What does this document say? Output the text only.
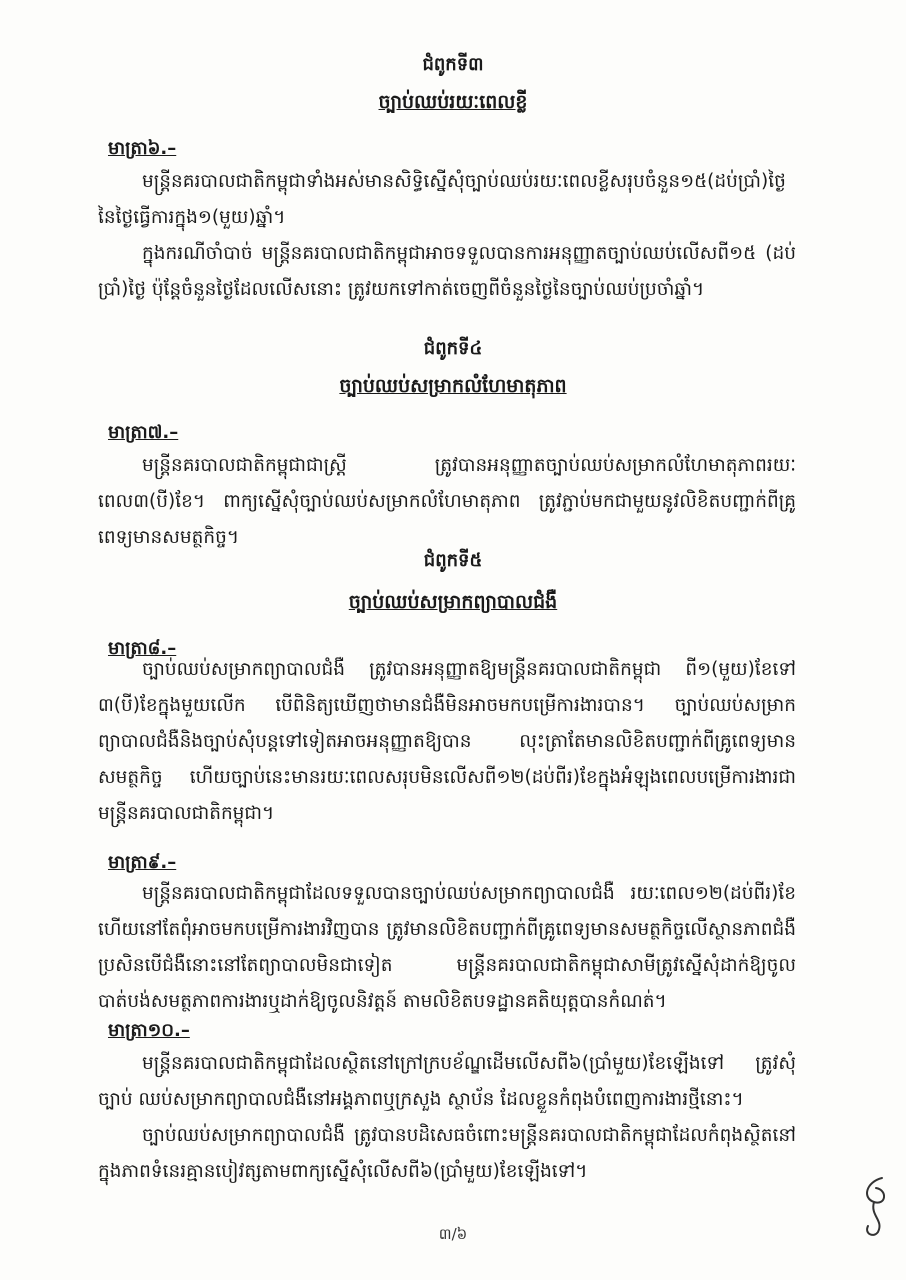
ជំពូកទី៣
ច្បាប់ឈប់រយៈពេលខ្លី
មាត្រា៦.–

មន្ត្រីនគរបាលជាតិកម្ពុជាទាំងអស់មានសិទ្ធិស្នើសុំច្បាប់ឈប់រយៈពេលខ្លីសរុបចំនួន១៥(ដប់ប្រាំ)ថ្ងៃ នៃថ្ងៃធ្វើការក្នុង១(មួយ)ឆ្នាំ។

ក្នុងករណីចាំបាច់ មន្ត្រីនគរបាលជាតិកម្ពុជាអាចទទួលបានការអនុញ្ញាតច្បាប់ឈប់លើសពី១៥ (ដប់ប្រាំ)ថ្ងៃ ប៉ុន្តែចំនួនថ្ងៃដែលលើសនោះ ត្រូវយកទៅកាត់ចេញពីចំនួនថ្ងៃនៃច្បាប់ឈប់ប្រចាំឆ្នាំ។

ជំពូកទី៤
ច្បាប់ឈប់សម្រាកលំហែមាតុភាព
មាត្រា៧.–

មន្ត្រីនគរបាលជាតិកម្ពុជាជាស្ត្រី ត្រូវបានអនុញ្ញាតច្បាប់ឈប់សម្រាកលំហែមាតុភាពរយៈពេល៣(បី)ខែ។ ពាក្យស្នើសុំច្បាប់ឈប់សម្រាកលំហែមាតុភាព ត្រូវភ្ជាប់មកជាមួយនូវលិខិតបញ្ជាក់ពីគ្រូពេទ្យមានសមត្ថកិច្ច។

ជំពូកទី៥
ច្បាប់ឈប់សម្រាកព្យាបាលជំងឺ
មាត្រា៨.–

ច្បាប់ឈប់សម្រាកព្យាបាលជំងឺ ត្រូវបានអនុញ្ញាតឱ្យមន្ត្រីនគរបាលជាតិកម្ពុជា ពី១(មួយ)ខែទៅ ៣(បី)ខែក្នុងមួយលើក បើពិនិត្យឃើញថាមានជំងឺមិនអាចមកបម្រើការងារបាន។ ច្បាប់ឈប់សម្រាក ព្យាបាលជំងឺនិងច្បាប់សុំបន្តទៅទៀតអាចអនុញ្ញាតឱ្យបាន លុះត្រាតែមានលិខិតបញ្ជាក់ពីគ្រូពេទ្យមាន សមត្ថកិច្ច ហើយច្បាប់នេះមានរយៈពេលសរុបមិនលើសពី១២(ដប់ពីរ)ខែក្នុងអំឡុងពេលបម្រើការងារជា មន្ត្រីនគរបាលជាតិកម្ពុជា។

មាត្រា៩.–

មន្ត្រីនគរបាលជាតិកម្ពុជាដែលទទួលបានច្បាប់ឈប់សម្រាកព្យាបាលជំងឺ រយៈពេល១២(ដប់ពីរ)ខែ ហើយនៅតែពុំអាចមកបម្រើការងារវិញបាន ត្រូវមានលិខិតបញ្ជាក់ពីគ្រូពេទ្យមានសមត្ថកិច្ចលើស្ថានភាពជំងឺ ប្រសិនបើជំងឺនោះនៅតែព្យាបាលមិនជាទៀត មន្ត្រីនគរបាលជាតិកម្ពុជាសាមីត្រូវស្នើសុំដាក់ឱ្យចូល បាត់បង់សមត្ថភាពការងារឬដាក់ឱ្យចូលនិវត្តន៍ តាមលិខិតបទដ្ឋានគតិយុត្តបានកំណត់។

មាត្រា១០.–

មន្ត្រីនគរបាលជាតិកម្ពុជាដែលស្ថិតនៅក្រៅក្របខ័ណ្ឌដើមលើសពី៦(ប្រាំមួយ)ខែឡើងទៅ ត្រូវសុំច្បាប់ ឈប់សម្រាកព្យាបាលជំងឺនៅអង្គភាពឬក្រសួង ស្ថាប័ន ដែលខ្លួនកំពុងបំពេញការងារថ្មីនោះ។

ច្បាប់ឈប់សម្រាកព្យាបាលជំងឺ ត្រូវបានបដិសេធចំពោះមន្ត្រីនគរបាលជាតិកម្ពុជាដែលកំពុងស្ថិតនៅ ក្នុងភាពទំនេរគ្មានបៀវត្សតាមពាក្យស្នើសុំលើសពី៦(ប្រាំមួយ)ខែឡើងទៅ។

៣/៦
